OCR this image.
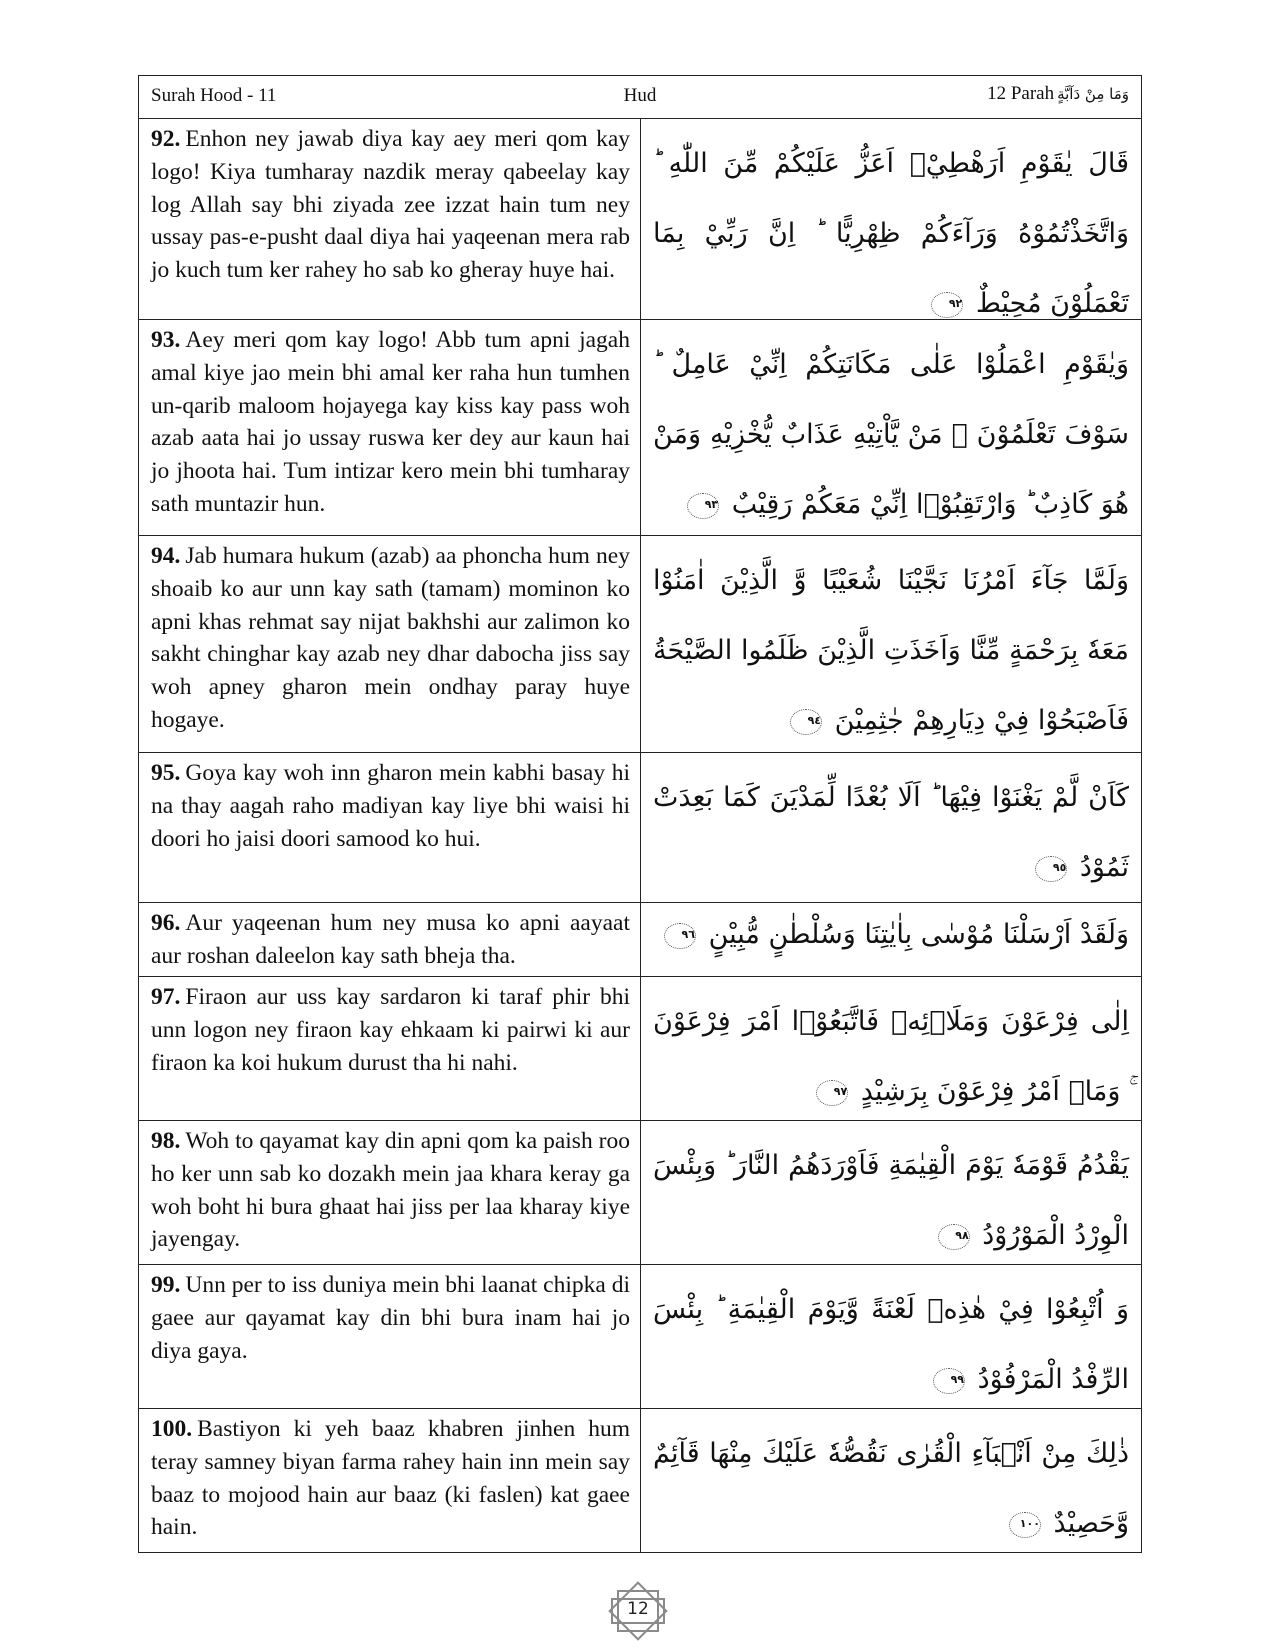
Surah Hood - 11	Hud	12 Parah وَمَا مِنْ دَآبَّةٍ
92. Enhon ney jawab diya kay aey meri qom kay logo! Kiya tumharay nazdik meray qabeelay kay log Allah say bhi ziyada zee izzat hain tum ney ussay pas-e-pusht daal diya hai yaqeenan mera rab jo kuch tum ker rahey ho sab ko gheray huye hai.
قَالَ يٰقَوْمِ اَرَهْطِيْۤ اَعَزُّ عَلَيْكُمْ مِّنَ اللّٰهِ ؕ وَاتَّخَذْتُمُوْهُ وَرَآءَكُمْ ظِهْرِيًّا ؕ اِنَّ رَبِّيْ بِمَا تَعْمَلُوْنَ مُحِيْطٌ ٩٢
93. Aey meri qom kay logo! Abb tum apni jagah amal kiye jao mein bhi amal ker raha hun tumhen un-qarib maloom hojayega kay kiss kay pass woh azab aata hai jo ussay ruswa ker dey aur kaun hai jo jhoota hai. Tum intizar kero mein bhi tumharay sath muntazir hun.
وَيٰقَوْمِ اعْمَلُوْا عَلٰى مَكَانَتِكُمْ اِنِّيْ عَامِلٌ ؕ سَوْفَ تَعْلَمُوْنَ ۙ مَنْ يَّاْتِيْهِ عَذَابٌ يُّخْزِيْهِ وَمَنْ هُوَ كَاذِبٌ ؕ وَارْتَقِبُوْۤا اِنِّيْ مَعَكُمْ رَقِيْبٌ ٩٣
94. Jab humara hukum (azab) aa phoncha hum ney shoaib ko aur unn kay sath (tamam) mominon ko apni khas rehmat say nijat bakhshi aur zalimon ko sakht chinghar kay azab ney dhar dabocha jiss say woh apney gharon mein ondhay paray huye hogaye.
وَلَمَّا جَآءَ اَمْرُنَا نَجَّيْنَا شُعَيْبًا وَّ الَّذِيْنَ اٰمَنُوْا مَعَهٗ بِرَحْمَةٍ مِّنَّا وَاَخَذَتِ الَّذِيْنَ ظَلَمُوا الصَّيْحَةُ فَاَصْبَحُوْا فِيْ دِيَارِهِمْ جٰثِمِيْنَ ٩٤
95. Goya kay woh inn gharon mein kabhi basay hi na thay aagah raho madiyan kay liye bhi waisi hi doori ho jaisi doori samood ko hui.
كَاَنْ لَّمْ يَغْنَوْا فِيْهَا ؕ اَلَا بُعْدًا لِّمَدْيَنَ كَمَا بَعِدَتْ ثَمُوْدُ ٩٥
96. Aur yaqeenan hum ney musa ko apni aayaat aur roshan daleelon kay sath bheja tha.
وَلَقَدْ اَرْسَلْنَا مُوْسٰى بِاٰيٰتِنَا وَسُلْطٰنٍ مُّبِيْنٍ ٩٦
97. Firaon aur uss kay sardaron ki taraf phir bhi unn logon ney firaon kay ehkaam ki pairwi ki aur firaon ka koi hukum durust tha hi nahi.
اِلٰى فِرْعَوْنَ وَمَلَا۠ئِهٖ فَاتَّبَعُوْۤا اَمْرَ فِرْعَوْنَ ۚ وَمَاۤ اَمْرُ فِرْعَوْنَ بِرَشِيْدٍ ٩٧
98. Woh to qayamat kay din apni qom ka paish roo ho ker unn sab ko dozakh mein jaa khara keray ga woh boht hi bura ghaat hai jiss per laa kharay kiye jayengay.
يَقْدُمُ قَوْمَهٗ يَوْمَ الْقِيٰمَةِ فَاَوْرَدَهُمُ النَّارَ ؕ وَبِئْسَ الْوِرْدُ الْمَوْرُوْدُ ٩٨
99. Unn per to iss duniya mein bhi laanat chipka di gaee aur qayamat kay din bhi bura inam hai jo diya gaya.
وَ اُتْبِعُوْا فِيْ هٰذِهٖ لَعْنَةً وَّيَوْمَ الْقِيٰمَةِ ؕ بِئْسَ الرِّفْدُ الْمَرْفُوْدُ ٩٩
100. Bastiyon ki yeh baaz khabren jinhen hum teray samney biyan farma rahey hain inn mein say baaz to mojood hain aur baaz (ki faslen) kat gaee hain.
ذٰلِكَ مِنْ اَنْۢبَآءِ الْقُرٰى نَقُصُّهٗ عَلَيْكَ مِنْهَا قَآئِمٌ وَّحَصِيْدٌ ١٠٠
12
